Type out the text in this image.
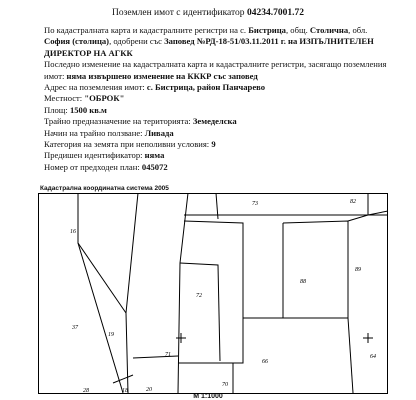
Поземлен имот с идентификатор 04234.7001.72
По кадастралната карта и кадастралните регистри на с. Бистрица, общ. Столична, обл.
София (столица), одобрени със Заповед №РД-18-51/03.11.2011 г. на ИЗПЪЛНИТЕЛЕН
ДИРЕКТОР НА АГКК
Последно изменение на кадастралната карта и кадастралните регистри, засягащо поземления
имот: няма извършено изменение на КККР със заповед
Адрес на поземления имот: с. Бистрица, район Панчарево
Местност: "ОБРОК"
Площ: 1500 кв.м
Трайно предназначение на територията: Земеделска
Начин на трайно ползване: Ливада
Категория на земята при неполивни условия: 9
Предишен идентификатор: няма
Номер от предходен план: 045072
Кадастрална координатна система 2005
73	82
16
72
88
89
37
19
71
66
64
20
70
28	18
М 1:1000
